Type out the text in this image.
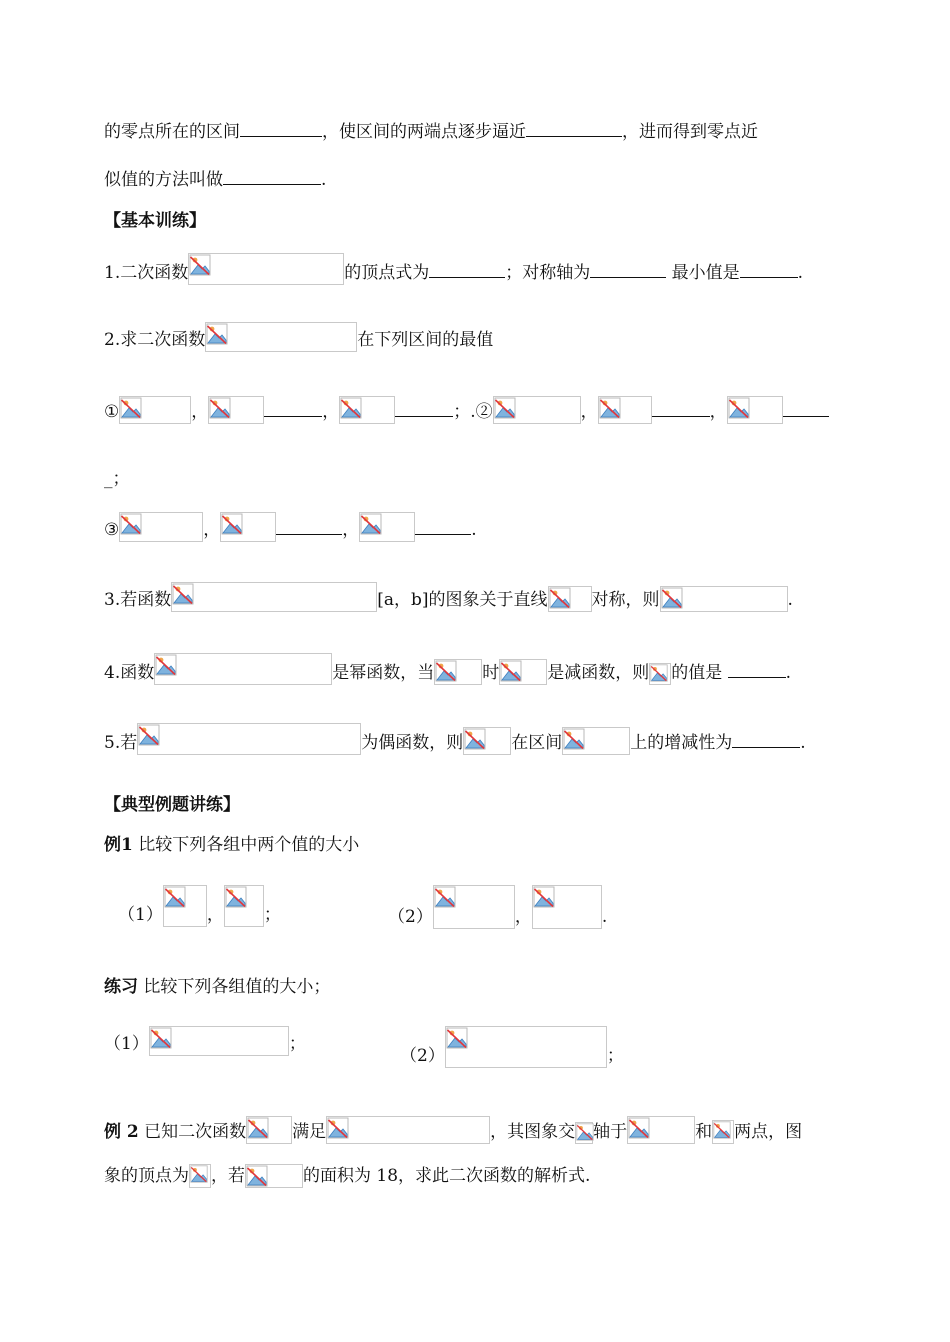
的零点所在的区间	，使区间的两端点逐步逼近	，进而得到零点近
似值的方法叫做	.
【基本训练】
1.二次函数	的顶点式为	；对称轴为	最小值是	.
2.求二次函数	在下列区间的最值
①	，	，	；.②	，	，
_；
③	，	，	.
3.若函数	[a，b]的图象关于直线	对称，则	.
4.函数	是幂函数，当	时	是减函数，则 的值是	.
5.若	为偶函数，则	在区间	上的增减性为	.
【典型例题讲练】
例1 比较下列各组中两个值的大小
（1）	， ；	（2）	，	.
练习 比较下列各组值的大小；
（1）	；
（2）	；
例 2 已知二次函数	满足	，其图象交 轴于	和 两点，图
象的顶点为 ，若	的面积为 18，求此二次函数的解析式.
